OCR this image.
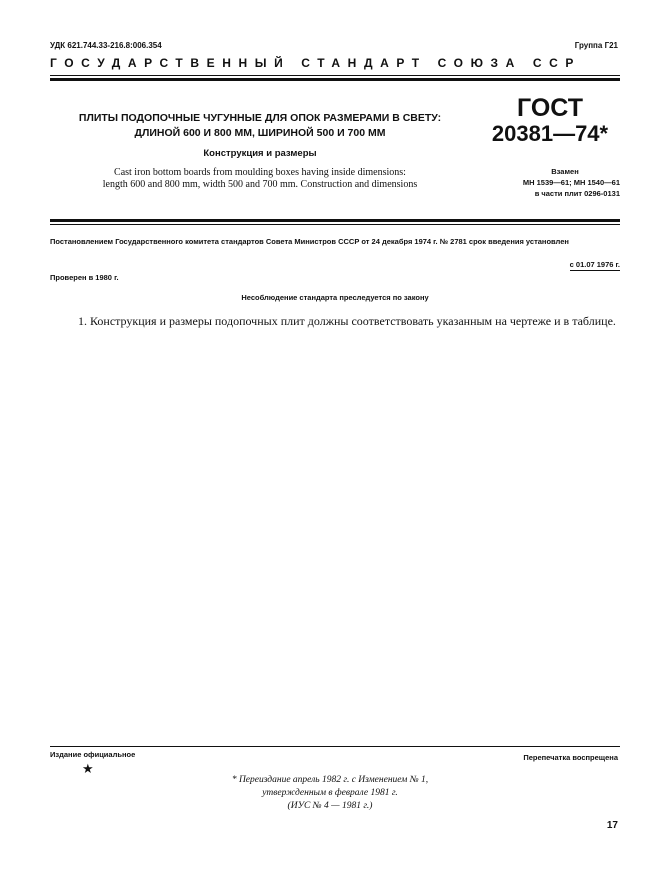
УДК 621.744.33-216.8:006.354	Группа Г21
ГОСУДАРСТВЕННЫЙ СТАНДАРТ СОЮЗА ССР
ПЛИТЫ ПОДОПОЧНЫЕ ЧУГУННЫЕ ДЛЯ ОПОК РАЗМЕРАМИ В СВЕТУ:
ДЛИНОЙ 600 И 800 ММ, ШИРИНОЙ 500 И 700 ММ
Конструкция и размеры
Cast iron bottom boards from moulding boxes having inside dimensions:
length 600 and 800 mm, width 500 and 700 mm. Construction and dimensions
ГОСТ
20381—74*
Взамен
МН 1539—61; МН 1540—61
в части плит 0296-0131
Постановлением Государственного комитета стандартов Совета Министров СССР от 24 декабря 1974 г. № 2781 срок введения установлен
с 01.07 1976 г.
Проверен в 1980 г.
Несоблюдение стандарта преследуется по закону
1. Конструкция и размеры подопочных плит должны соответствовать указанным на чертеже и в таблице.
Издание официальное
★
Перепечатка воспрещена
* Переиздание апрель 1982 г. с Изменением № 1,
утвержденным в феврале 1981 г.
(ИУС № 4 — 1981 г.)
17
